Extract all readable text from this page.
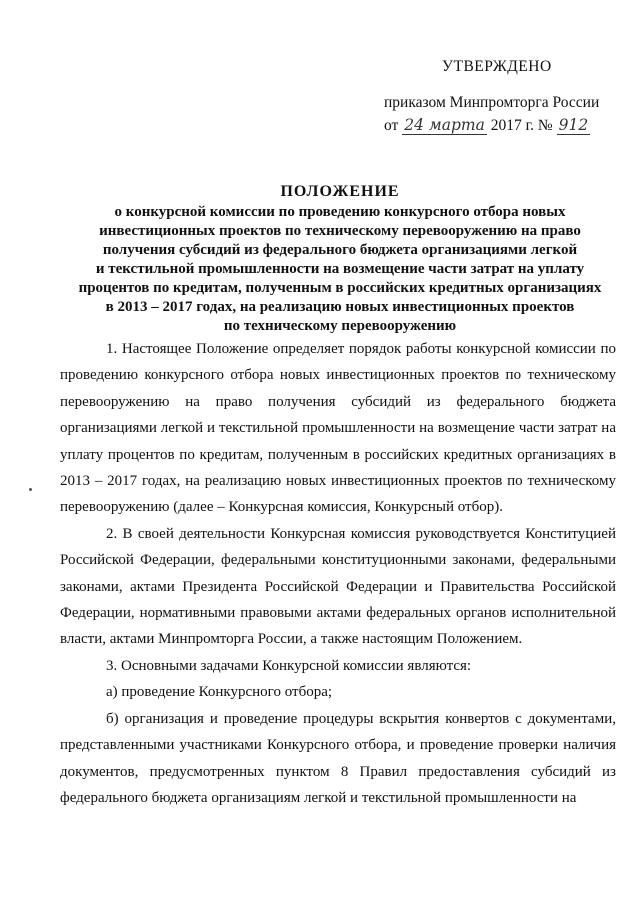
УТВЕРЖДЕНО
приказом Минпромторга России
от 24 марта 2017 г. № 912
ПОЛОЖЕНИЕ
о конкурсной комиссии по проведению конкурсного отбора новых
инвестиционных проектов по техническому перевооружению на право
получения субсидий из федерального бюджета организациями легкой
и текстильной промышленности на возмещение части затрат на уплату
процентов по кредитам, полученным в российских кредитных организациях
в 2013 – 2017 годах, на реализацию новых инвестиционных проектов
по техническому перевооружению

1. Настоящее Положение определяет порядок работы конкурсной комиссии по проведению конкурсного отбора новых инвестиционных проектов по техническому перевооружению на право получения субсидий из федерального бюджета организациями легкой и текстильной промышленности на возмещение части затрат на уплату процентов по кредитам, полученным в российских кредитных организациях в 2013 – 2017 годах, на реализацию новых инвестиционных проектов по техническому перевооружению (далее – Конкурсная комиссия, Конкурсный отбор).

2. В своей деятельности Конкурсная комиссия руководствуется Конституцией Российской Федерации, федеральными конституционными законами, федеральными законами, актами Президента Российской Федерации и Правительства Российской Федерации, нормативными правовыми актами федеральных органов исполнительной власти, актами Минпромторга России, а также настоящим Положением.

3. Основными задачами Конкурсной комиссии являются:

а) проведение Конкурсного отбора;

б) организация и проведение процедуры вскрытия конвертов с документами, представленными участниками Конкурсного отбора, и проведение проверки наличия документов, предусмотренных пунктом 8 Правил предоставления субсидий из федерального бюджета организациям легкой и текстильной промышленности на
